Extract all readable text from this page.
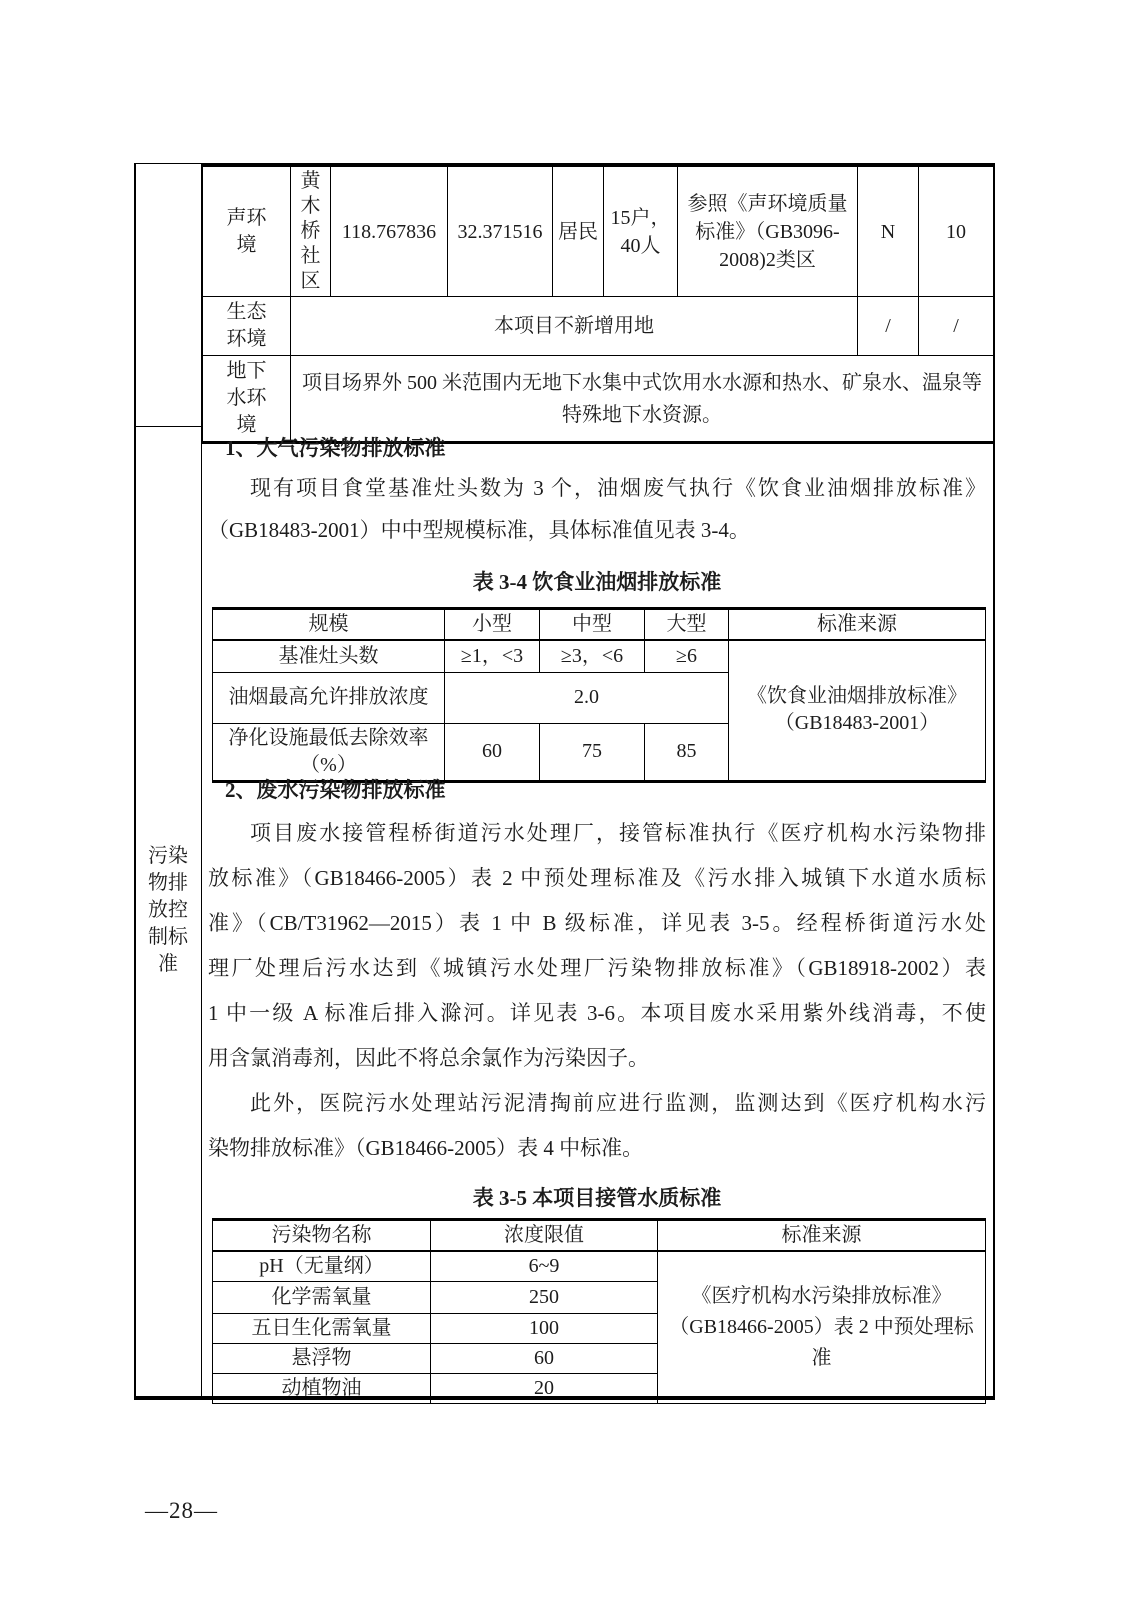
声环境	黄木桥社区	118.767836	32.371516	居民	15户，40人	参照《声环境质量标准》（GB3096-2008)2类区	N	10

生态环境	本项目不新增用地						/	/

地下水环境	项目场界外 500 米范围内无地下水集中式饮用水水源和热水、矿泉水、温泉等特殊地下水资源。							
污染物排放控制标准
1、大气污染物排放标准
现有项目食堂基准灶头数为 3 个，油烟废气执行《饮食业油烟排放标准》
（GB18483-2001）中中型规模标准，具体标准值见表 3-4。
表 3-4 饮食业油烟排放标准
规模	小型	中型	大型	标准来源
基准灶头数	≥1，<3	≥3，<6	≥6	《饮食业油烟排放标准》（GB18483-2001）
油烟最高允许排放浓度	2.0			

净化设施最低去除效率（%）	60	75	85	
2、废水污染物排放标准
项目废水接管程桥街道污水处理厂，接管标准执行《医疗机构水污染物排
放标准》（GB18466-2005）表 2 中预处理标准及《污水排入城镇下水道水质标
准》（CB/T31962—2015）表 1 中 B 级标准，详见表 3-5。经程桥街道污水处
理厂处理后污水达到《城镇污水处理厂污染物排放标准》（GB18918-2002）表
1 中一级 A 标准后排入滁河。详见表 3-6。本项目废水采用紫外线消毒，不使
用含氯消毒剂，因此不将总余氯作为污染因子。
此外，医院污水处理站污泥清掏前应进行监测，监测达到《医疗机构水污
染物排放标准》（GB18466-2005）表 4 中标准。
表 3-5 本项目接管水质标准
污染物名称	浓度限值	标准来源
pH（无量纲）	6~9	《医疗机构水污染排放标准》（GB18466-2005）表 2 中预处理标准
化学需氧量	250	
五日生化需氧量	100	
悬浮物	60	
动植物油	20	
—28—
